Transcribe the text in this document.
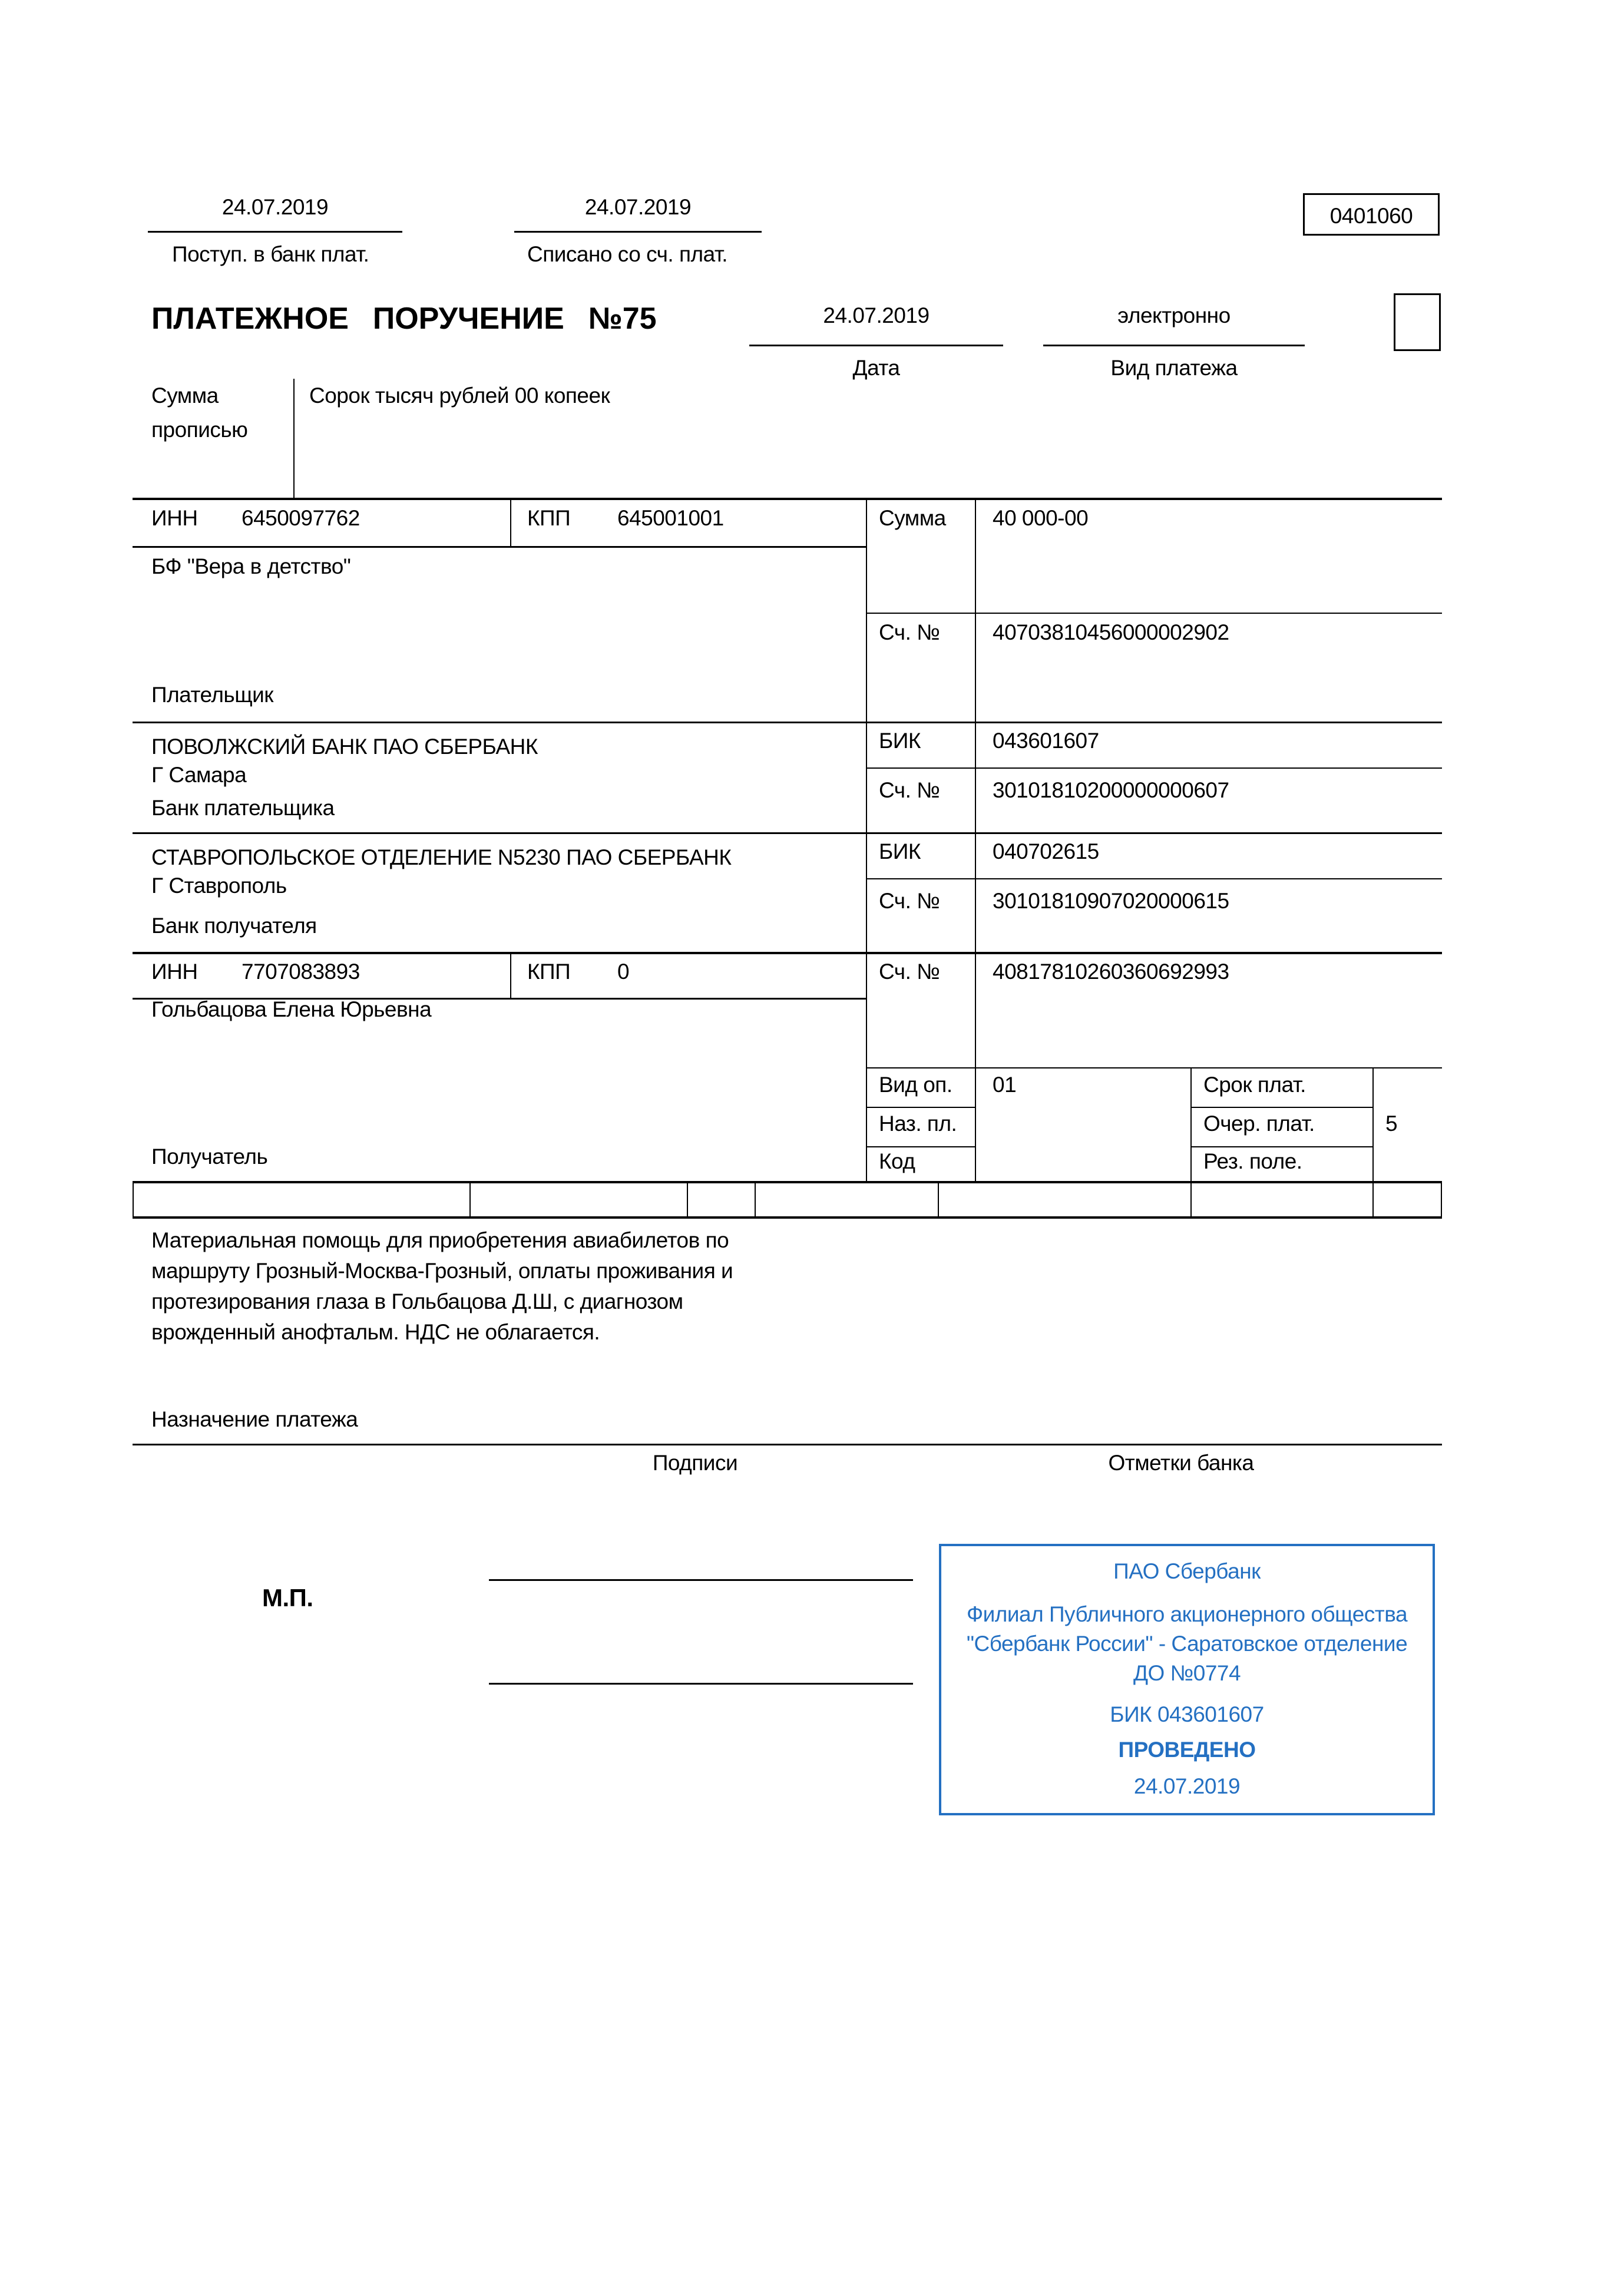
24.07.2019
Поступ. в банк плат.
24.07.2019
Списано со сч. плат.
0401060
ПЛАТЕЖНОЕ  ПОРУЧЕНИЕ  №75	24.07.2019
Дата
электронно
Вид платежа
Сумма
прописью
Сорок тысяч рублей 00 копеек
ИНН 6450097762	КПП 645001001	Сумма 40 000-00
БФ "Вера в детство"
Сч. № 40703810456000002902
Плательщик
ПОВОЛЖСКИЙ БАНК ПАО СБЕРБАНК
Г Самара
БИК	043601607
Сч. № 30101810200000000607
Банк плательщика
СТАВРОПОЛЬСКОЕ ОТДЕЛЕНИЕ N5230 ПАО СБЕРБАНК
Г Ставрополь
БИК	040702615
Сч. № 30101810907020000615
Банк получателя
ИНН 7707083893	КПП 0	Сч. № 40817810260360692993
Гольбацова Елена Юрьевна
Вид оп. 01	Срок плат.
Наз. пл.	Очер. плат.	5
Код	Рез. поле.
Получатель
Материальная помощь для приобретения авиабилетов по
маршруту Грозный-Москва-Грозный, оплаты проживания и
протезирования глаза в Гольбацова Д.Ш, с диагнозом
врожденный анофтальм. НДС не облагается.
Назначение платежа
Подписи	Отметки банка
М.П.
ПАО Сбербанк
Филиал Публичного акционерного общества
"Сбербанк России" - Саратовское отделение
ДО №0774
БИК 043601607
ПРОВЕДЕНО
24.07.2019
